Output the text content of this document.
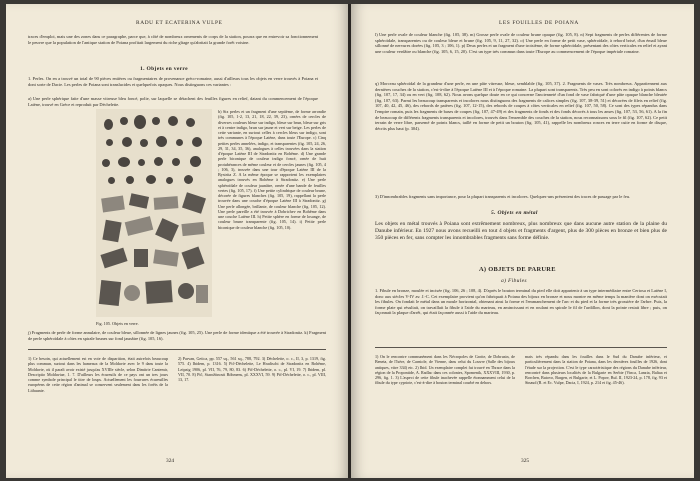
RADU ET ECATERINA VULPE

traces d'emploi, mais une des zones dans ce paragraphe, parce que, à côté de nombreux ornements de corps de la station, pourra que en entrevoir sa fonctionnement le peuvre que la population de l'antique station de Poiana profitait largement du riche gîtage qu'abritait la grande forêt voisine.

1. Objets en verre

1. Perles. On en a trouvé un total de 90 pièces entières ou fragmentaires de provenance gréco-romaine, aussi d'ailleurs tous les objets en verre trouvés à Poiana et dont sorte de Dacie. Les perles de Poiana sont translucides et quelquefois opaques. Nous distinguons ces variantes :

a) Une perle sphérique faite d'une masse vitreuse bleu foncé, polie, sur laquelle se détachent des feuilles figures en relief, datant du commencement de l'époque Latène, trouvé en Grèce et reproduit par Déchelette.

Fig. 105. Objets en verre.

b) Six perles et un fragment d'une septième, de forme arrondie (fig. 105, 1-2, 13, 21, 18, 22, 39, 23), ornées de cercles de diverses couleurs bleue sur indigo, bleue sur brun, bleue sur gris et à centre indigo, brun sur jaune et vert sur beige. Les perles de cette variante, en surtout celles à cercles bleus sur indigo, sont très communes à l'époque Latène, dans toute l'Europe. c) Cinq petites perles annelées, indigo, et transparentes (fig. 105, 24, 26, 29, 31, 34, 35, 36), analogues à celles trouvées dans la station d'époque Latène III de Stradonitz en Bohême. d) Une grande perle biconique de couleur indigo foncé, ornée de huit protubérances de même couleur et de cercles jaunes (fig. 105, 4 ; 106, 3), trouvée dans une tour d'époque Latène III de la Bystrita Z. A la même époque se rapportent les exemplaires analogues trouvés en Bohême à Stradonitz. e) Une perle sphéroïdale de couleur jaunâtre, ornée d'une bande de feuilles vertes (fig. 105, 17). f) Une petite cylindrique de couleur brune, décorée de figures blanches (fig. 105, 19), rappellant la perle trouvée dans une couche d'époque Latène III à Stradonitz. g) Une perle allongée, brillante, de couleur blanche (fig. 105, 12). Une perle pareille a été trouvée à Dobrichev en Bohême dans une couche Latène III. h) Petite sphère en forme de losange, de couleur brune transparente (fig. 105, 14). i) Petite perle biconique de couleur blanche (fig. 105, 10).

j) Fragments de perle de forme annulaire, de couleur bleue, sillonnée de lignes jaunes (fig. 105, 25). Une perle de forme identique a été trouvée à Stradonitz. k) Fragment de perle sphéroïdale à côtes en spirale brunes sur fond jaunâtre (fig. 105, 16).

1) Ce besoin, qui actuellement est en voie de disparition, était autrefois beaucoup plus commun, surtout dans les hameaux de la Moldavie avec le 9 dans toute la Moldavie, où il paraît avoir existé jusqu'au XVIIIe siècle, selon Dimitrie Cantemir, Descriptio Moldaviae, 1. 7. D'ailleurs les écureuils de ce pays ont un tres jours comme symbole principal le titre de loups. Actuellement les fourrures écureuilles européens de cette région d'animal se conservent seulement dans les forêts de la Lithuanie.

2) Parvan, Getica, pp. 557 sq., 561 sq., 788, 792. 3) Déchelette, o. c., II, 3, p. 1319, fig. 575. 4) Ibidem, p. 1316. 5) Pič-Déchelette, Le Hradischt de Stradonitz en Bohême, Leipzig 1906, pl. VII, 76, 79, 80, 83. 6) Pič-Déchelette, o. c., pl. VI, 19. 7) Ibidem, pl. VII, 70. 8) Pič, Starožitnosti Böhmens, pl. XXXVI, 59. 9) Pič-Déchelette, o. c., pl. VIII, 13, 17.

324
LES FOUILLES DE POIANA

l) Une perle ovale de couleur blanche (fig. 105, 38). m) Grosse perle ovale de couleur brune opaque (fig. 105, 8). n) Sept fragments de perles différentes de forme sphéroïdale, transparentes ou de couleur bleue et brune (fig. 105, 9, 11, 27, 32). o) Une perle en forme de petit vase, sphéroïdale, à rebord brisé, d'un émail bleue sillonné de nervures dorées (fig. 105, 3 ; 106, 1). p) Deux perles et un fragment d'une troisième, de forme sphéroïdale, présentant des côtes verticales en relief et ayant une couleur verdâtre ou blanche (fig. 105, 6, 15, 20). C'est un type très commun dans toute l'Europe au commencement de l'époque impériale romaine.

q) Morceau sphéroïdal de la grandeur d'une perle, en une pâte vitreuse, bleue, semblable (fig. 105, 37). 2. Fragments de vases. Très nombreux. Appartiennent aux dernières couches de la station, c'est-à-dire à l'époque Latène III et à l'époque romaine. La plupart sont transparents. Très peu en sont colorés en indigo à points blancs (fig. 107, 17, 34) ou en vert (fig. 108, 62). Nous avons quelque doute en ce qui concerne l'ancienneté d'un fond de vase fabriqué d'une pâte opaque blanche bleutée (fig. 107, 63). Parmi les beaucoup transparents et incolores nous distinguons des fragments de calices simples (fig. 107, 38-39, 51) et décorées de filets en relief (fig. 107, 40, 42, 45, 46), des rebords de patères (fig. 107, 12-15), des rebords de coupes à côtes verticales en relief (fig. 107, 50, 58). Ce sont des types répandus dans l'empire romain, puis les fragments de bases de coupes (fig. 107, 47-49) et des fragments de fonds et des fonds décorés à tous les anses (fig. 107, 53, 56, 61). A la fin de beaucoup de différents fragments transparents et incolores, trouvés dans l'ensemble des couches de la station, nous reconnaissons sous le fil (fig. 107, 62). Ce petit terrain de verre libre, parsemé de points blancs, taillé en forme de petit un bouton (fig. 105, 41), rappelle les nombreux ronces en terre cuite en forme de disque, décrits plus haut (p. 304).

3) D'innombrables fragments sans importance, pour la plupart transparents et incolores. Quelques-uns présentent des traces de passage par le feu.

5. Objets en métal

Les objets en métal trouvés à Poiana sont extrêmement nombreux, plus nombreux que dans aucune autre station de la plaine du Danube inférieur. En 1927 nous avons recueilli en tout 4 objets et fragments d'argent, plus de 300 pièces en bronze et bien plus de 350 pièces en fer, sans compter les innombrables fragments sans forme définie.

A) OBJETS DE PARURE
a) Fibules

1. Fibule en bronze, moulée et incisée (fig. 106, 26 ; 108, 4). D'après le bouton terminal du pied elle doit appartenir à un type intermédiaire entre Certosa et Latène I, donc aux siècles V-IV av. J.-C. Cet exemplaire provient qu'on fabriquait à Poiana des bijoux en bronze et nous montre en même temps la manière dont on exécutait les fibules. On fondait le métal dans un moule horizontal, obtenant ainsi la forme et l'emmanchement de l'arc et du pied et la forme très grossière de l'arbre. Puis, la forme plate qui résultait, on travaillait la fibule à l'aide du marteau, en amincissant et en roulant en spirale le fil de l'ardillon, dont la pointe restait libre ; puis, on façonnait la plaque d'arrêt, qui était façonnée aussi à l'aide du marteau.

1) On le rencontre communément dans les Nécropoles de Grotte, de Dobrusin, de Beneia, de l'Isère, de Carniole, de Vienne, dans celui du Louvre (Salle des bijoux antiques, vitre 334) etc. 2) Ibid. Un exemplaire complet fut trouvé en Thrace dans la région de la Propontide, A. Radlac dans ces colonies, Spomenik, XXXVIII, 1930, p. 296, fig. 1. 3) L'aspect de cette fibule inachevée rappelle étonnamment celui de la fibule du type cypriote, c'est-à-dire à bouton terminal courbé en dehors.

mais très répandu dans les fouilles dans le Sud du Danube inférieur, et particulièrement dans la station de Poiana, dans les dernières fouilles de 1926, dont l'étude sur la projection. C'est le type caractéristique des régions du Danube inférieur, rencontré dans plusieurs localités de la Bulgarie en Serbie (Vinca, Lanzia, Baltaa et Borchen, Butovo, Bargen, et Bulgarie, et L. Popov, Bul. II, 1923-24, p. 178, fig. 93 et Sinaud (R. et Ec. Vulpe, Dacia, I, 1924, p. 214 et fig. 45-46).

325
